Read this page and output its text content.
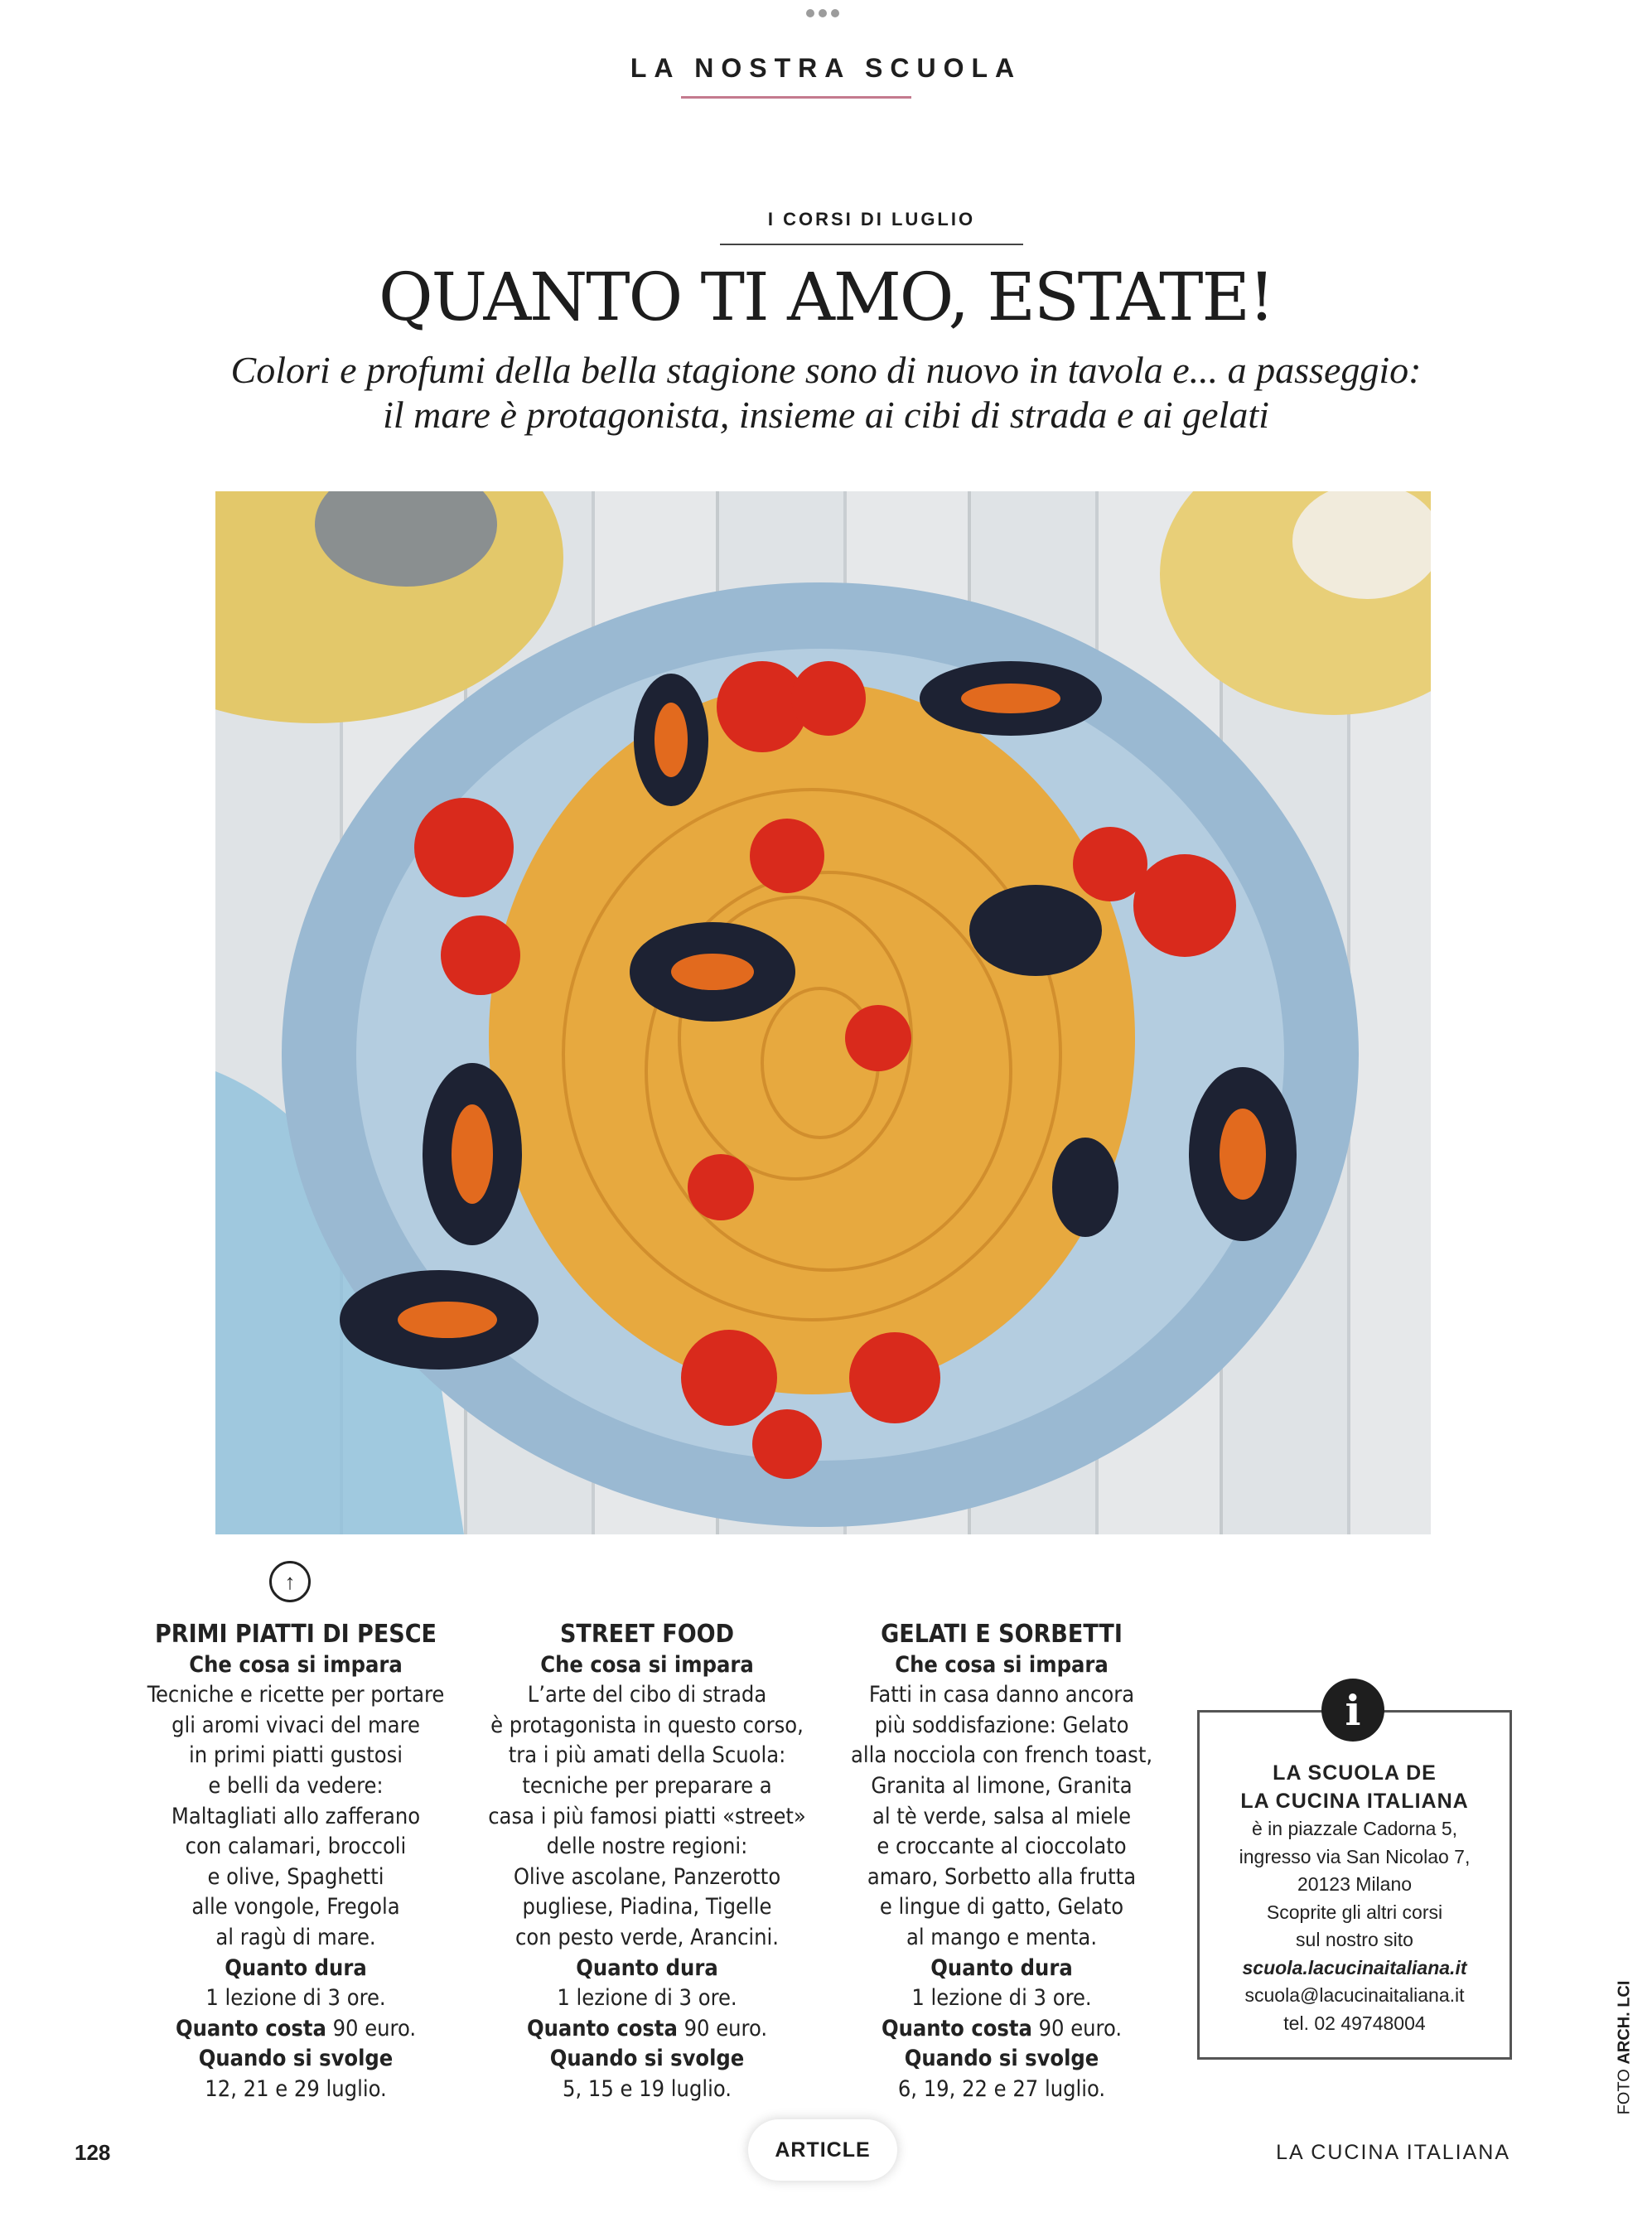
LA NOSTRA SCUOLA
I CORSI DI LUGLIO
QUANTO TI AMO, ESTATE!
Colori e profumi della bella stagione sono di nuovo in tavola e... a passeggio:
il mare è protagonista, insieme ai cibi di strada e ai gelati
↑
PRIMI PIATTI DI PESCE
Che cosa si impara
Tecniche e ricette per portare
gli aromi vivaci del mare
in primi piatti gustosi
e belli da vedere:
Maltagliati allo zafferano
con calamari, broccoli
e olive, Spaghetti
alle vongole, Fregola
al ragù di mare.
Quanto dura
1 lezione di 3 ore.
Quanto costa 90 euro.
Quando si svolge
12, 21 e 29 luglio.
STREET FOOD
Che cosa si impara
L’arte del cibo di strada
è protagonista in questo corso,
tra i più amati della Scuola:
tecniche per preparare a
casa i più famosi piatti «street»
delle nostre regioni:
Olive ascolane, Panzerotto
pugliese, Piadina, Tigelle
con pesto verde, Arancini.
Quanto dura
1 lezione di 3 ore.
Quanto costa 90 euro.
Quando si svolge
5, 15 e 19 luglio.
GELATI E SORBETTI
Che cosa si impara
Fatti in casa danno ancora
più soddisfazione: Gelato
alla nocciola con french toast,
Granita al limone, Granita
al tè verde, salsa al miele
e croccante al cioccolato
amaro, Sorbetto alla frutta
e lingue di gatto, Gelato
al mango e menta.
Quanto dura
1 lezione di 3 ore.
Quanto costa 90 euro.
Quando si svolge
6, 19, 22 e 27 luglio.
i
LA SCUOLA DE
LA CUCINA ITALIANA
è in piazzale Cadorna 5,
ingresso via San Nicolao 7,
20123 Milano
Scoprite gli altri corsi
sul nostro sito
scuola.lacucinaitaliana.it
scuola@lacucinaitaliana.it
tel. 02 49748004
FOTO ARCH. LCI
128	ARTICLE	LA CUCINA ITALIANA
